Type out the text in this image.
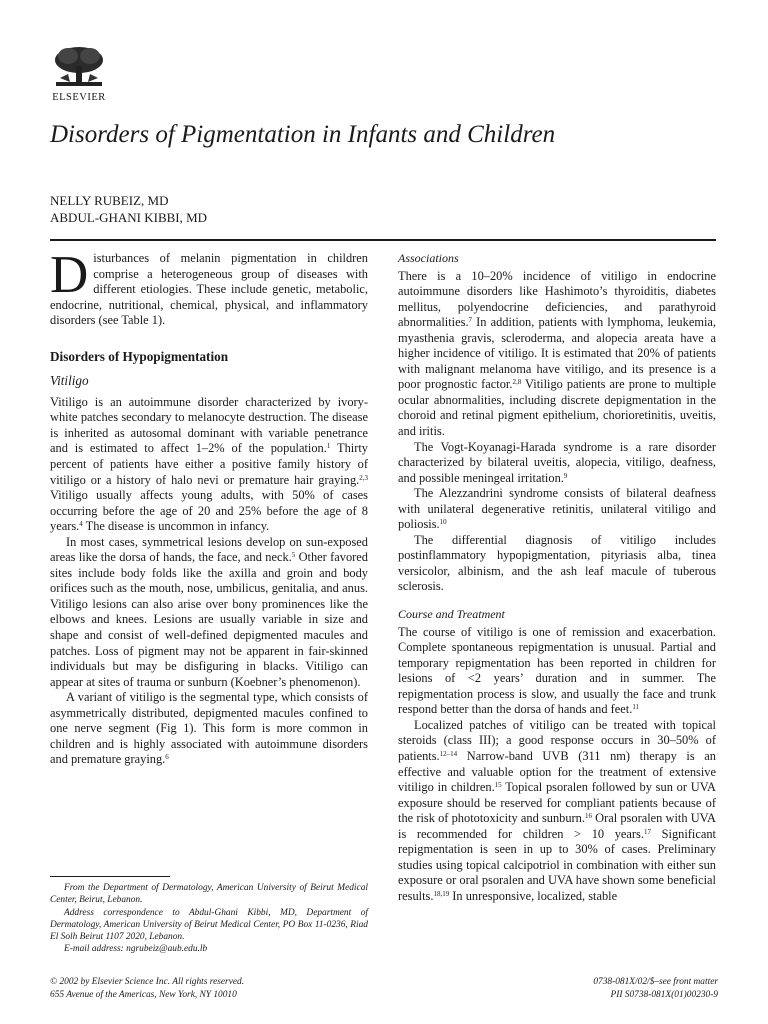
ELSEVIER
Disorders of Pigmentation in Infants and Children
NELLY RUBEIZ, MD
ABDUL-GHANI KIBBI, MD

Disturbances of melanin pigmentation in children comprise a heterogeneous group of diseases with different etiologies. These include genetic, metabolic, endocrine, nutritional, chemical, physical, and inflammatory disorders (see Table 1).

Disorders of Hypopigmentation
Vitiligo

Vitiligo is an autoimmune disorder characterized by ivory-white patches secondary to melanocyte destruction. The disease is inherited as autosomal dominant with variable penetrance and is estimated to affect 1–2% of the population.$^1$ Thirty percent of patients have either a positive family history of vitiligo or a history of halo nevi or premature hair graying.$^{2,3}$ Vitiligo usually affects young adults, with 50% of cases occurring before the age of 20 and 25% before the age of 8 years.$^4$ The disease is uncommon in infancy.

In most cases, symmetrical lesions develop on sun-exposed areas like the dorsa of hands, the face, and neck.$^5$ Other favored sites include body folds like the axilla and groin and body orifices such as the mouth, nose, umbilicus, genitalia, and anus. Vitiligo lesions can also arise over bony prominences like the elbows and knees. Lesions are usually variable in size and shape and consist of well-defined depigmented macules and patches. Loss of pigment may not be apparent in fair-skinned individuals but may be disfiguring in blacks. Vitiligo can appear at sites of trauma or sunburn (Koebner’s phenomenon).

A variant of vitiligo is the segmental type, which consists of asymmetrically distributed, depigmented macules confined to one nerve segment (Fig 1). This form is more common in children and is highly associated with autoimmune disorders and premature graying.$^6$

Associations

There is a 10–20% incidence of vitiligo in endocrine autoimmune disorders like Hashimoto’s thyroiditis, diabetes mellitus, polyendocrine deficiencies, and parathyroid abnormalities.$^7$ In addition, patients with lymphoma, leukemia, myasthenia gravis, scleroderma, and alopecia areata have a higher incidence of vitiligo. It is estimated that 20% of patients with malignant melanoma have vitiligo, and its presence is a poor prognostic factor.$^{2,8}$ Vitiligo patients are prone to multiple ocular abnormalities, including discrete depigmentation in the choroid and retinal pigment epithelium, chorioretinitis, uveitis, and iritis.

The Vogt-Koyanagi-Harada syndrome is a rare disorder characterized by bilateral uveitis, alopecia, vitiligo, deafness, and possible meningeal irritation.$^9$

The Alezzandrini syndrome consists of bilateral deafness with unilateral degenerative retinitis, unilateral vitiligo and poliosis.$^{10}$

The differential diagnosis of vitiligo includes postinflammatory hypopigmentation, pityriasis alba, tinea versicolor, albinism, and the ash leaf macule of tuberous sclerosis.

Course and Treatment

The course of vitiligo is one of remission and exacerbation. Complete spontaneous repigmentation is unusual. Partial and temporary repigmentation has been reported in children for lesions of <2 years’ duration and in summer. The repigmentation process is slow, and usually the face and trunk respond better than the dorsa of hands and feet.$^{11}$

Localized patches of vitiligo can be treated with topical steroids (class III); a good response occurs in 30–50% of patients.$^{12-14}$ Narrow-band UVB (311 nm) therapy is an effective and valuable option for the treatment of extensive vitiligo in children.$^{15}$ Topical psoralen followed by sun or UVA exposure should be reserved for compliant patients because of the risk of phototoxicity and sunburn.$^{16}$ Oral psoralen with UVA is recommended for children > 10 years.$^{17}$ Significant repigmentation is seen in up to 30% of cases. Preliminary studies using topical calcipotriol in combination with either sun exposure or oral psoralen and UVA have shown some beneficial results.$^{18,19}$ In unresponsive, localized, stable

From the Department of Dermatology, American University of Beirut Medical Center, Beirut, Lebanon.

Address correspondence to Abdul-Ghani Kibbi, MD, Department of Dermatology, American University of Beirut Medical Center, PO Box 11-0236, Riad El Solh Beirut 1107 2020, Lebanon.

E-mail address: ngrubeiz@aub.edu.lb

© 2002 by Elsevier Science Inc. All rights reserved.
655 Avenue of the Americas, New York, NY 10010
0738-081X/02/$–see front matter
PII S0738-081X(01)00230-9
